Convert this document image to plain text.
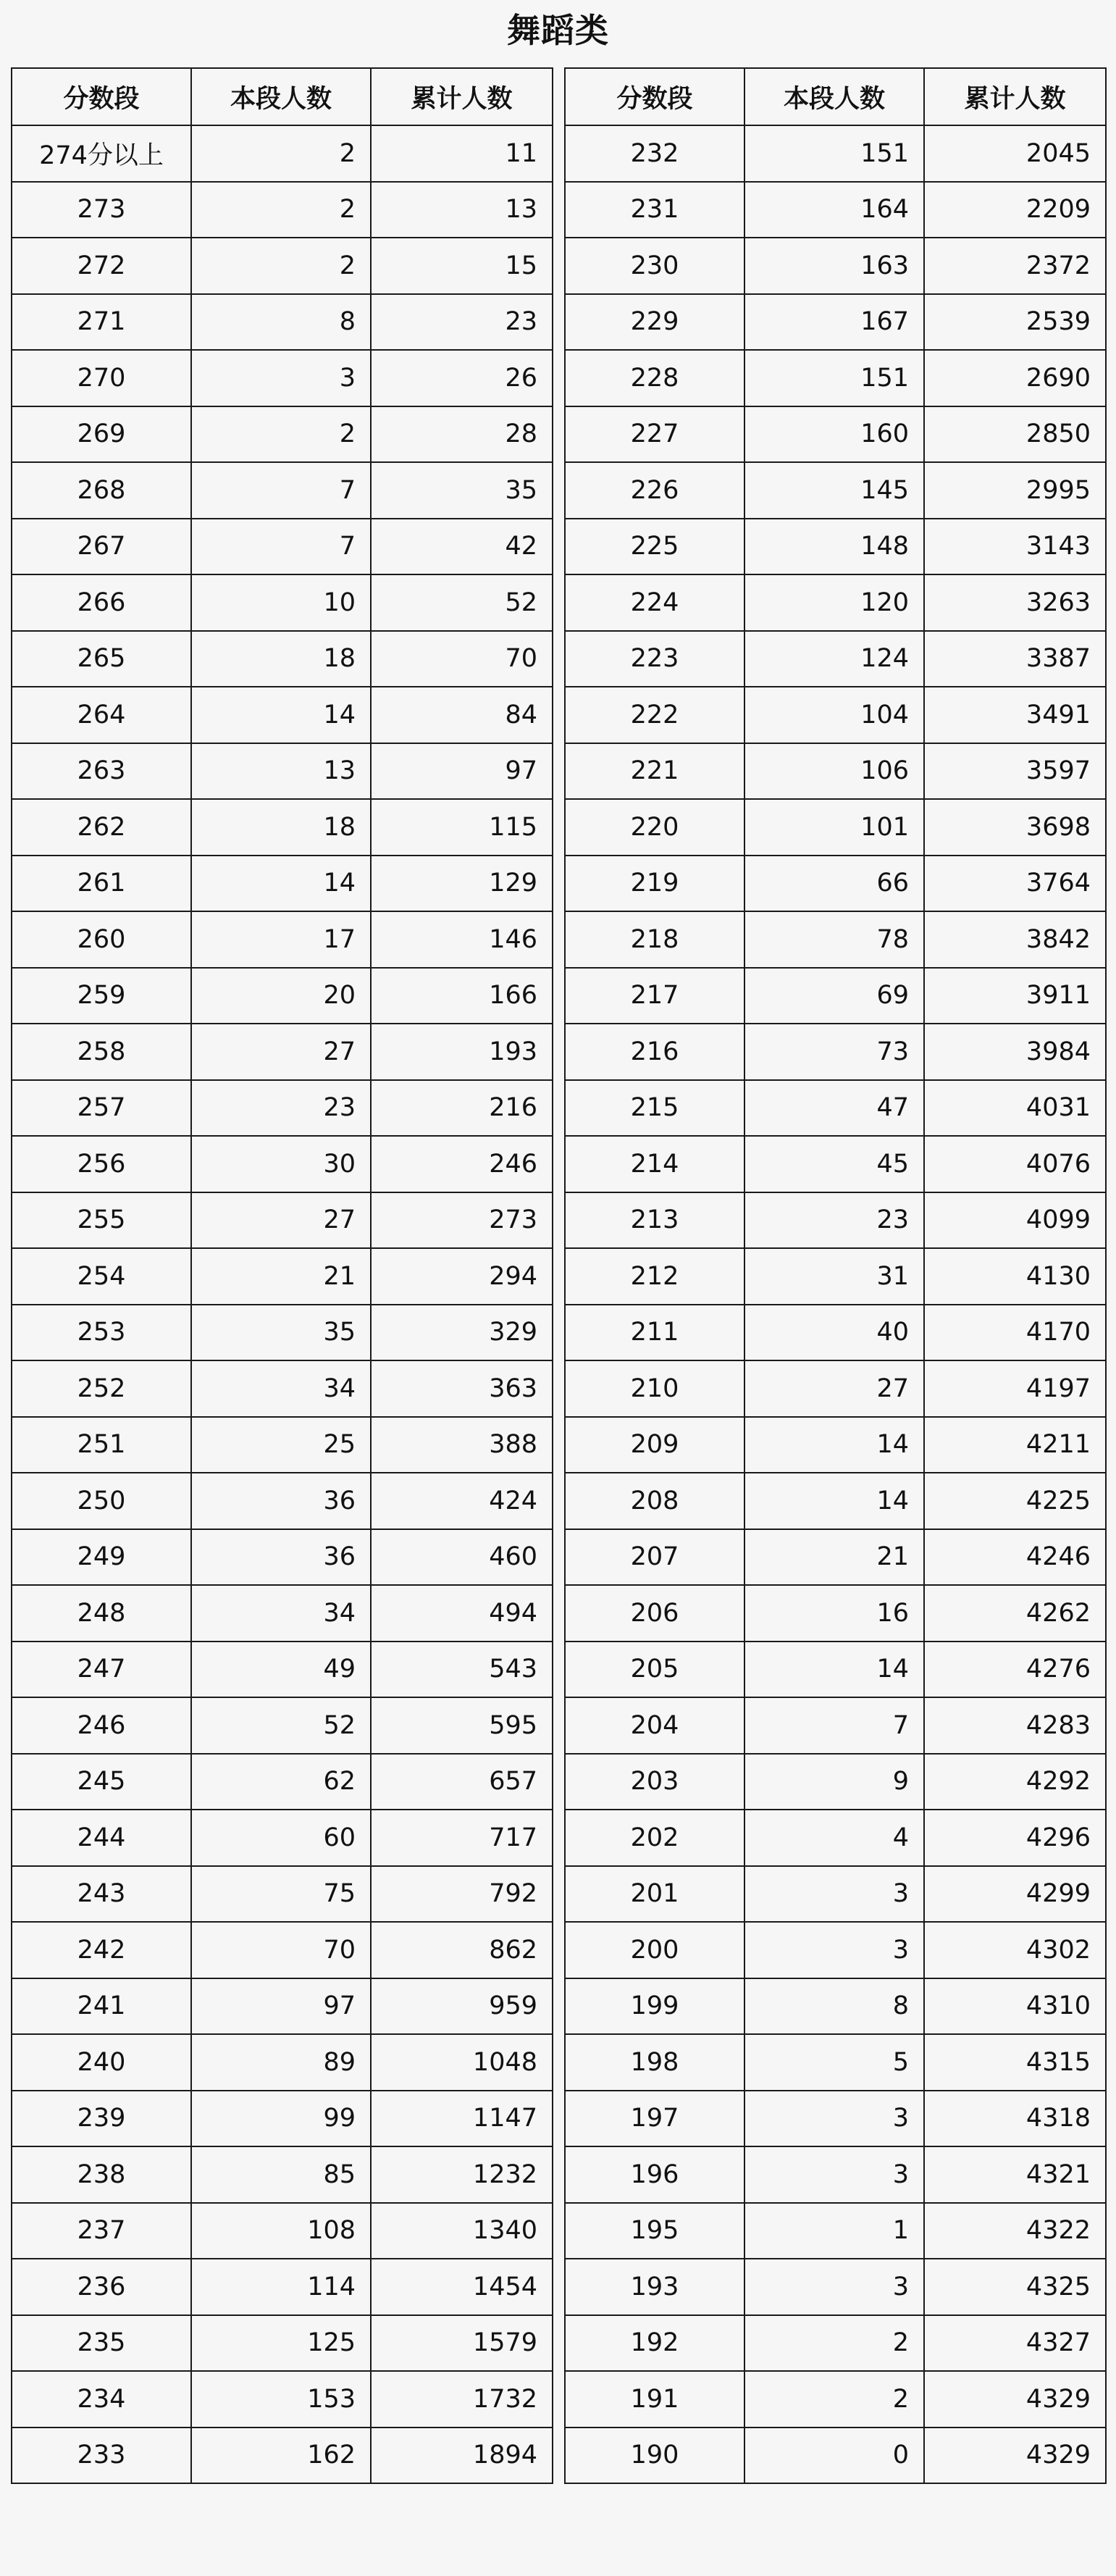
舞蹈类
分数段	本段人数	累计人数
274分以上	2	11
273	2	13
272	2	15
271	8	23
270	3	26
269	2	28
268	7	35
267	7	42
266	10	52
265	18	70
264	14	84
263	13	97
262	18	115
261	14	129
260	17	146
259	20	166
258	27	193
257	23	216
256	30	246
255	27	273
254	21	294
253	35	329
252	34	363
251	25	388
250	36	424
249	36	460
248	34	494
247	49	543
246	52	595
245	62	657
244	60	717
243	75	792
242	70	862
241	97	959
240	89	1048
239	99	1147
238	85	1232
237	108	1340
236	114	1454
235	125	1579
234	153	1732
233	162	1894
分数段	本段人数	累计人数
232	151	2045
231	164	2209
230	163	2372
229	167	2539
228	151	2690
227	160	2850
226	145	2995
225	148	3143
224	120	3263
223	124	3387
222	104	3491
221	106	3597
220	101	3698
219	66	3764
218	78	3842
217	69	3911
216	73	3984
215	47	4031
214	45	4076
213	23	4099
212	31	4130
211	40	4170
210	27	4197
209	14	4211
208	14	4225
207	21	4246
206	16	4262
205	14	4276
204	7	4283
203	9	4292
202	4	4296
201	3	4299
200	3	4302
199	8	4310
198	5	4315
197	3	4318
196	3	4321
195	1	4322
193	3	4325
192	2	4327
191	2	4329
190	0	4329
